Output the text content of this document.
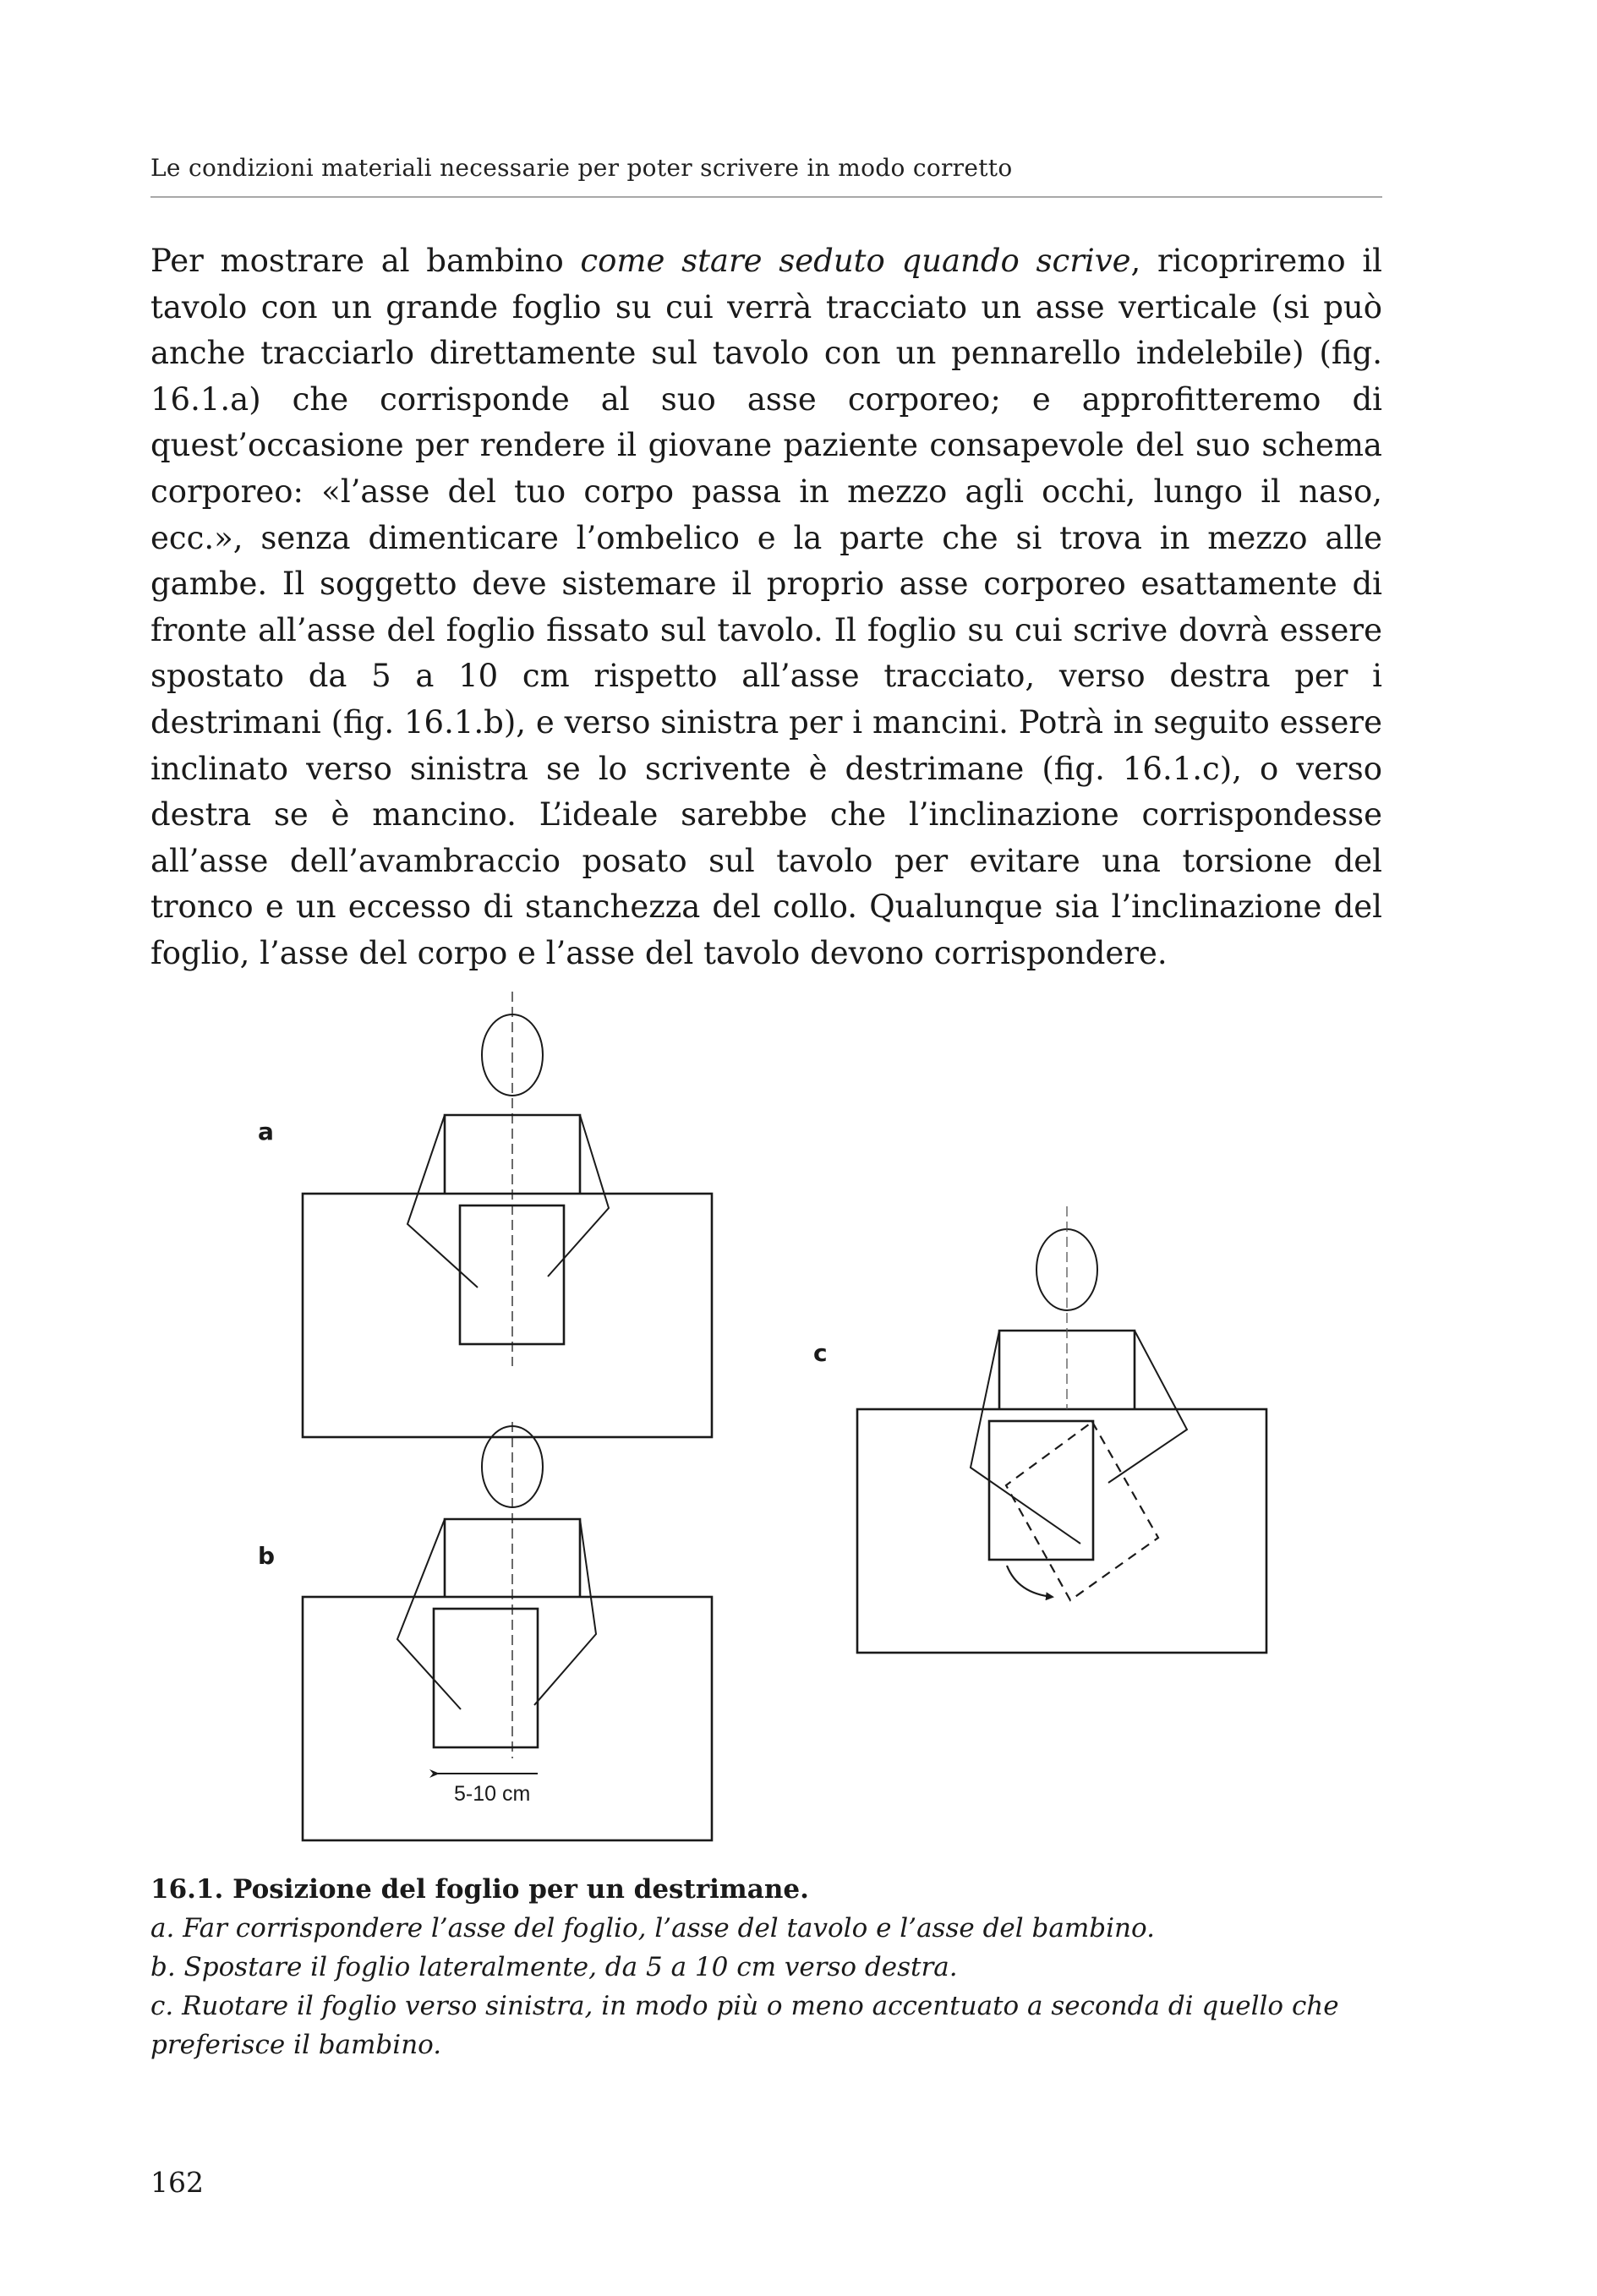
Le condizioni materiali necessarie per poter scrivere in modo corretto

Per mostrare al bambino come stare seduto quando scrive, ricopriremo il tavolo con un grande foglio su cui verrà tracciato un asse verticale (si può anche tracciarlo direttamente sul tavolo con un pennarello indelebile) (fig. 16.1.a) che corrisponde al suo asse corporeo; e approfitteremo di quest’occasione per rendere il giovane paziente consapevole del suo schema corporeo: «l’asse del tuo corpo passa in mezzo agli occhi, lungo il naso, ecc.», senza dimenticare l’ombelico e la parte che si trova in mezzo alle gambe. Il soggetto deve sistemare il proprio asse corporeo esattamente di fronte all’asse del foglio fissato sul tavolo. Il foglio su cui scrive dovrà essere spostato da 5 a 10 cm rispetto all’asse tracciato, verso destra per i destrimani (fig. 16.1.b), e verso sinistra per i mancini. Potrà in seguito essere inclinato verso sinistra se lo scrivente è destrimane (fig. 16.1.c), o verso destra se è mancino. L’ideale sarebbe che l’inclinazione corrispondesse all’asse dell’avambraccio posato sul tavolo per evitare una torsione del tronco e un eccesso di stanchezza del collo. Qualunque sia l’inclinazione del foglio, l’asse del corpo e l’asse del tavolo devono corrispondere.

a
b
5-10 cm
c
16.1. Posizione del foglio per un destrimane.
a. Far corrispondere l’asse del foglio, l’asse del tavolo e l’asse del bambino.
b. Spostare il foglio lateralmente, da 5 a 10 cm verso destra.
c. Ruotare il foglio verso sinistra, in modo più o meno accentuato a seconda di quello che preferisce il bambino.
162
